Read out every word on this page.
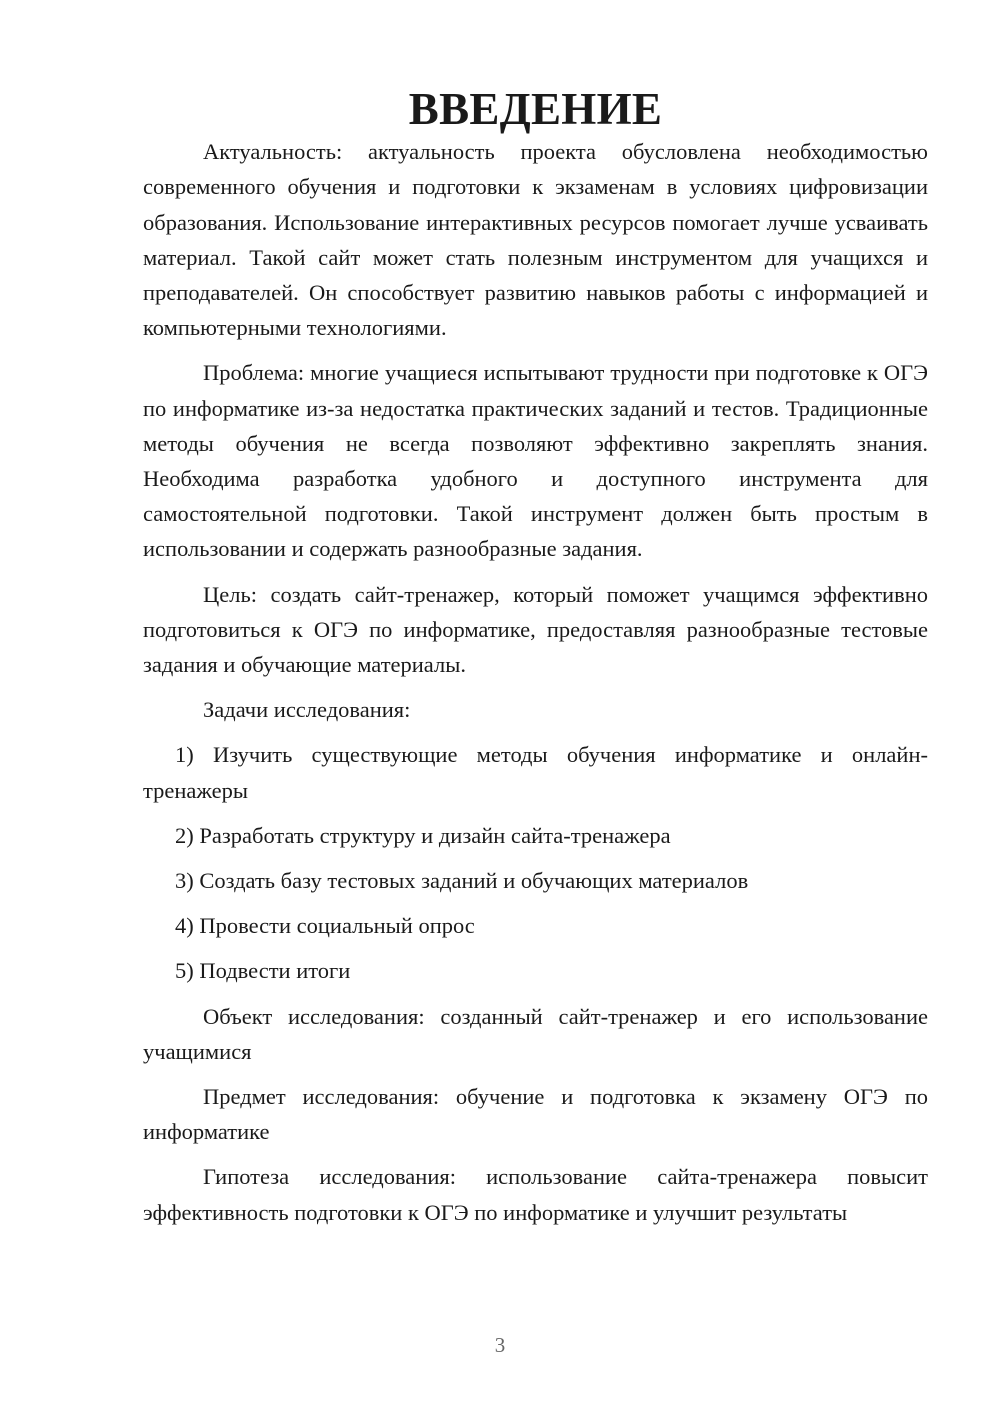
ВВЕДЕНИЕ

Актуальность: актуальность проекта обусловлена необходимостью современного обучения и подготовки к экзаменам в условиях цифровизации образования. Использование интерактивных ресурсов помогает лучше усваивать материал. Такой сайт может стать полезным инструментом для учащихся и преподавателей. Он способствует развитию навыков работы с информацией и компьютерными технологиями.

Проблема: многие учащиеся испытывают трудности при подготовке к ОГЭ по информатике из-за недостатка практических заданий и тестов. Традиционные методы обучения не всегда позволяют эффективно закреплять знания. Необходима разработка удобного и доступного инструмента для самостоятельной подготовки. Такой инструмент должен быть простым в использовании и содержать разнообразные задания.

Цель: создать сайт-тренажер, который поможет учащимся эффективно подготовиться к ОГЭ по информатике, предоставляя разнообразные тестовые задания и обучающие материалы.

Задачи исследования:

1) Изучить существующие методы обучения информатике и онлайн-тренажеры

2) Разработать структуру и дизайн сайта-тренажера

3) Создать базу тестовых заданий и обучающих материалов

4) Провести социальный опрос

5) Подвести итоги

Объект исследования: созданный сайт-тренажер и его использование учащимися

Предмет исследования: обучение и подготовка к экзамену ОГЭ по информатике

Гипотеза исследования: использование сайта-тренажера повысит эффективность подготовки к ОГЭ по информатике и улучшит результаты

3
